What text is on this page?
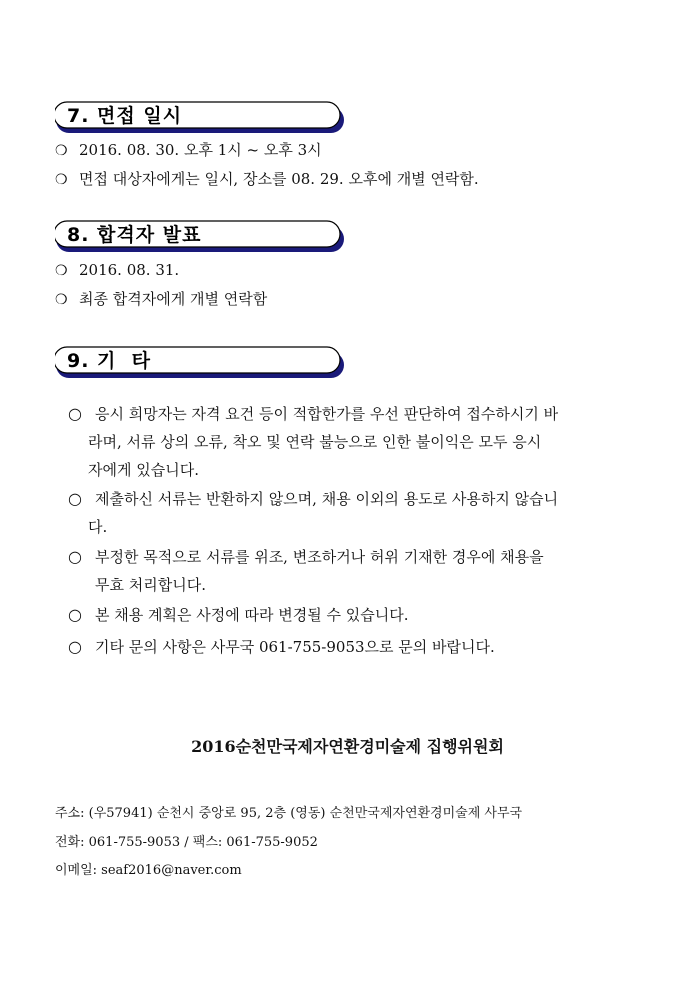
7. 면접 일시
❍ 2016. 08. 30. 오후 1시 ~ 오후 3시
❍ 면접 대상자에게는 일시, 장소를 08. 29. 오후에 개별 연락함.
8. 합격자 발표
❍ 2016. 08. 31.
❍ 최종 합격자에게 개별 연락함
9. 기  타
○ 응시 희망자는 자격 요건 등이 적합한가를 우선 판단하여 접수하시기 바
라며, 서류 상의 오류, 착오 및 연락 불능으로 인한 불이익은 모두 응시
자에게 있습니다.
○ 제출하신 서류는 반환하지 않으며, 채용 이외의 용도로 사용하지 않습니
다.
○ 부정한 목적으로 서류를 위조, 변조하거나 허위 기재한 경우에 채용을
무효 처리합니다.
○ 본 채용 계획은 사정에 따라 변경될 수 있습니다.
○ 기타 문의 사항은 사무국 061-755-9053으로 문의 바랍니다.
2016순천만국제자연환경미술제 집행위원회
주소: (우57941) 순천시 중앙로 95, 2층 (영동) 순천만국제자연환경미술제 사무국
전화: 061-755-9053 / 팩스: 061-755-9052
이메일: seaf2016@naver.com
